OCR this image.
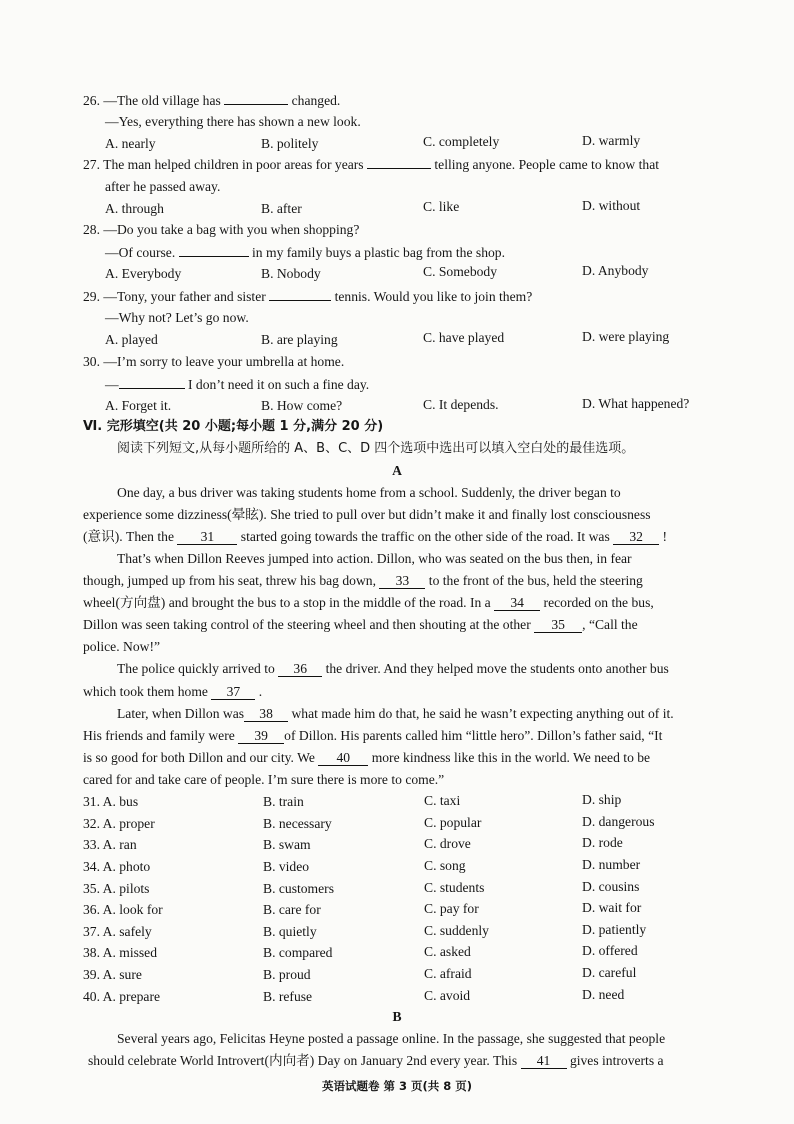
26. —The old village has	changed.
—Yes, everything there has shown a new look.
A. nearly	B. politely	C. completely	D. warmly
27. The man helped children in poor areas for years	telling anyone. People came to know that
after he passed away.
A. through	B. after	C. like	D. without
28. —Do you take a bag with you when shopping?
—Of course.	in my family buys a plastic bag from the shop.
A. Everybody	B. Nobody	C. Somebody	D. Anybody
29. —Tony, your father and sister	tennis. Would you like to join them?
—Why not? Let’s go now.
A. played	B. are playing	C. have played	D. were playing
30. —I’m sorry to leave your umbrella at home.
—	I don’t need it on such a fine day.
A. Forget it.	B. How come?	C. It depends.	D. What happened?
Ⅵ. 完形填空(共 20 小题;每小题 1 分,满分 20 分)
阅读下列短文,从每小题所给的 A、B、C、D 四个选项中选出可以填入空白处的最佳选项。
A
One day, a bus driver was taking students home from a school. Suddenly, the driver began to
experience some dizziness(晕眩). She tried to pull over but didn’t make it and finally lost consciousness
(意识). Then the 31 started going towards the traffic on the other side of the road. It was 32 !
That’s when Dillon Reeves jumped into action. Dillon, who was seated on the bus then, in fear
though, jumped up from his seat, threw his bag down, 33 to the front of the bus, held the steering
wheel(方向盘) and brought the bus to a stop in the middle of the road. In a 34 recorded on the bus,
Dillon was seen taking control of the steering wheel and then shouting at the other 35 , “Call the
police. Now!”
The police quickly arrived to 36 the driver. And they helped move the students onto another bus
which took them home 37 .
Later, when Dillon was 38 what made him do that, he said he wasn’t expecting anything out of it.
His friends and family were 39 of Dillon. His parents called him “little hero”. Dillon’s father said, “It
is so good for both Dillon and our city. We 40 more kindness like this in the world. We need to be
cared for and take care of people. I’m sure there is more to come.”
31. A. bus	B. train	C. taxi	D. ship
32. A. proper	B. necessary	C. popular	D. dangerous
33. A. ran	B. swam	C. drove	D. rode
34. A. photo	B. video	C. song	D. number
35. A. pilots	B. customers	C. students	D. cousins
36. A. look for	B. care for	C. pay for	D. wait for
37. A. safely	B. quietly	C. suddenly	D. patiently
38. A. missed	B. compared	C. asked	D. offered
39. A. sure	B. proud	C. afraid	D. careful
40. A. prepare	B. refuse	C. avoid	D. need
B
Several years ago, Felicitas Heyne posted a passage online. In the passage, she suggested that people
should celebrate World Introvert(内向者) Day on January 2nd every year. This 41 gives introverts a
英语试题卷 第 3 页(共 8 页)
